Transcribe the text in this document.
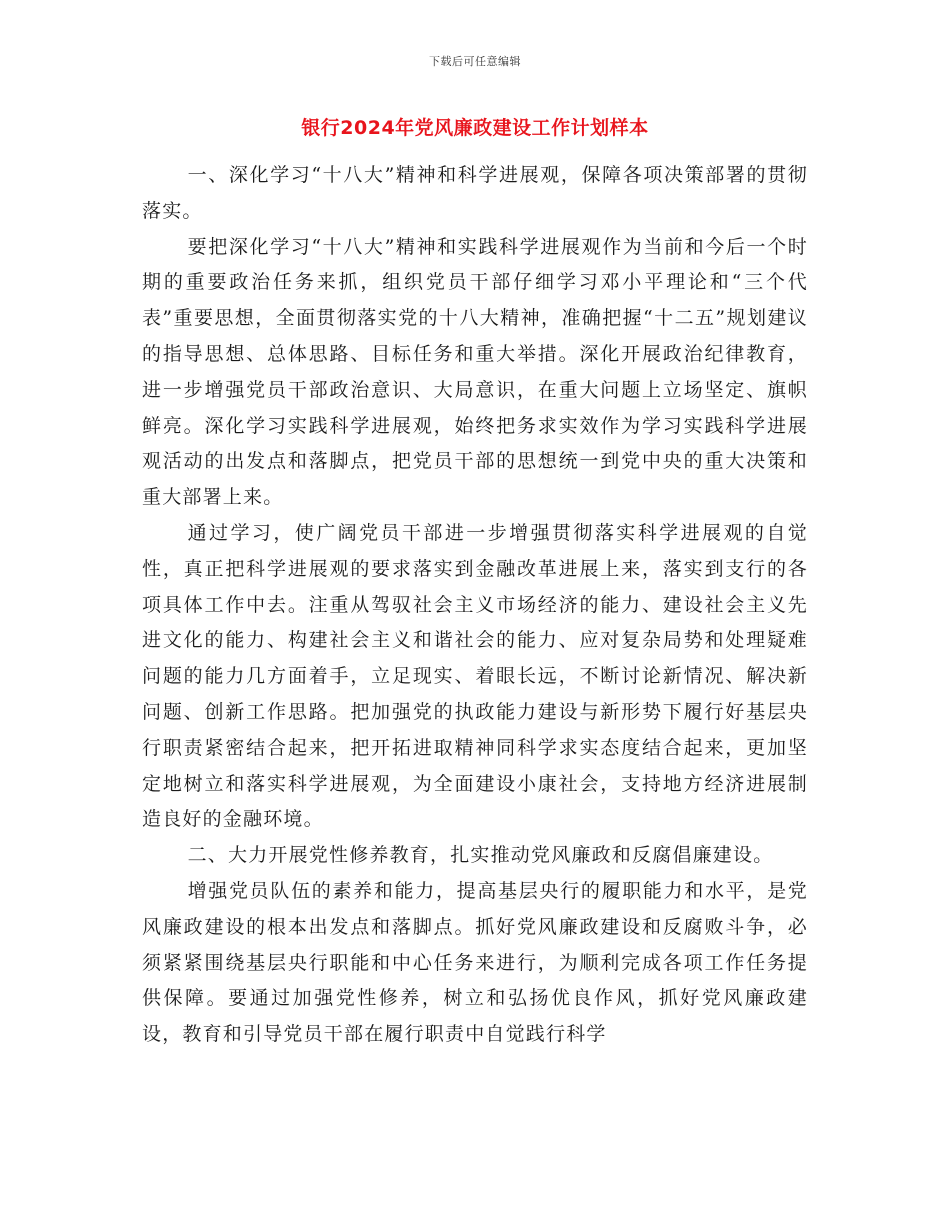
下载后可任意编辑
银行2024年党风廉政建设工作计划样本

一、深化学习“十八大”精神和科学进展观，保障各项决策部署的贯彻落实。

要把深化学习“十八大”精神和实践科学进展观作为当前和今后一个时期的重要政治任务来抓，组织党员干部仔细学习邓小平理论和“三个代表”重要思想，全面贯彻落实党的十八大精神，准确把握“十二五”规划建议的指导思想、总体思路、目标任务和重大举措。深化开展政治纪律教育，进一步增强党员干部政治意识、大局意识，在重大问题上立场坚定、旗帜鲜亮。深化学习实践科学进展观，始终把务求实效作为学习实践科学进展观活动的出发点和落脚点，把党员干部的思想统一到党中央的重大决策和重大部署上来。

通过学习，使广阔党员干部进一步增强贯彻落实科学进展观的自觉性，真正把科学进展观的要求落实到金融改革进展上来，落实到支行的各项具体工作中去。注重从驾驭社会主义市场经济的能力、建设社会主义先进文化的能力、构建社会主义和谐社会的能力、应对复杂局势和处理疑难问题的能力几方面着手，立足现实、着眼长远，不断讨论新情况、解决新问题、创新工作思路。把加强党的执政能力建设与新形势下履行好基层央行职责紧密结合起来，把开拓进取精神同科学求实态度结合起来，更加坚定地树立和落实科学进展观，为全面建设小康社会，支持地方经济进展制造良好的金融环境。

二、大力开展党性修养教育，扎实推动党风廉政和反腐倡廉建设。

增强党员队伍的素养和能力，提高基层央行的履职能力和水平，是党风廉政建设的根本出发点和落脚点。抓好党风廉政建设和反腐败斗争，必须紧紧围绕基层央行职能和中心任务来进行，为顺利完成各项工作任务提供保障。要通过加强党性修养，树立和弘扬优良作风，抓好党风廉政建设，教育和引导党员干部在履行职责中自觉践行科学
